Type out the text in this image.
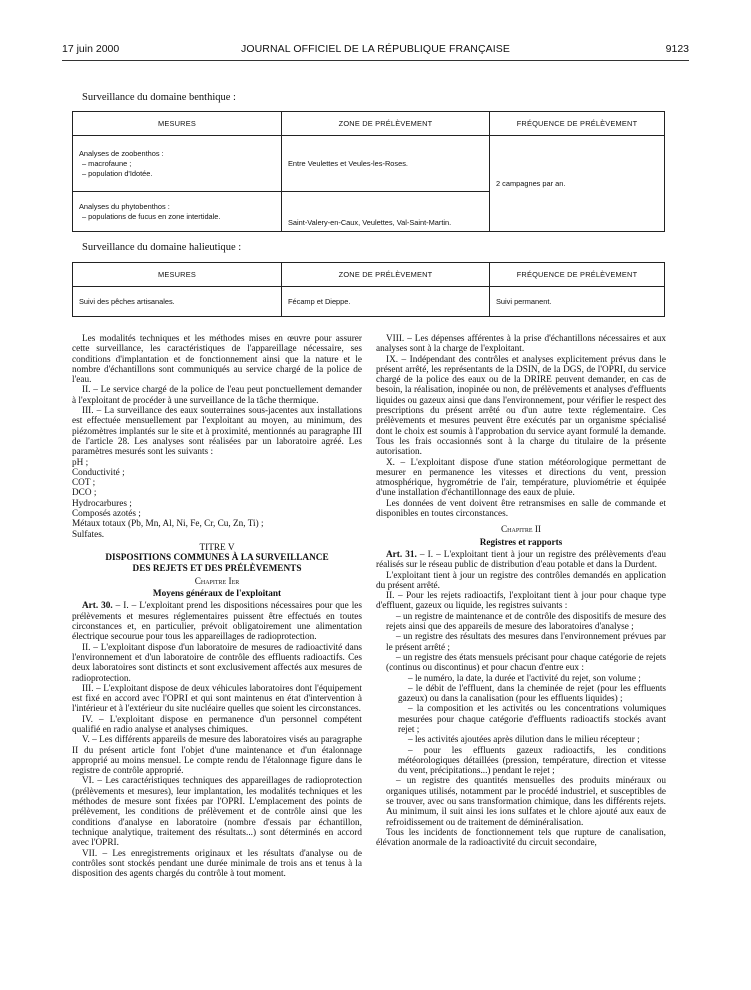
17 juin 2000	JOURNAL OFFICIEL DE LA RÉPUBLIQUE FRANÇAISE	9123
Surveillance du domaine benthique :
MESURES	ZONE DE PRÉLÈVEMENT	FRÉQUENCE DE PRÉLÈVEMENT

Analyses de zoobenthos :
– macrofaune ;
– population d'Idotée.	Entre Veulettes et Veules-les-Roses.	2 campagnes par an.

Analyses du phytobenthos :
– populations de fucus en zone intertidale.	Saint-Valery-en-Caux, Veulettes, Val-Saint-Martin.	
Surveillance du domaine halieutique :
MESURES	ZONE DE PRÉLÈVEMENT	FRÉQUENCE DE PRÉLÈVEMENT
Suivi des pêches artisanales.	Fécamp et Dieppe.	Suivi permanent.

Les modalités techniques et les méthodes mises en œuvre pour assurer cette surveillance, les caractéristiques de l'appareillage nécessaire, ses conditions d'implantation et de fonctionnement ainsi que la nature et le nombre d'échantillons sont communiqués au service chargé de la police de l'eau.

II. – Le service chargé de la police de l'eau peut ponctuellement demander à l'exploitant de procéder à une surveillance de la tâche thermique.

III. – La surveillance des eaux souterraines sous-jacentes aux installations est effectuée mensuellement par l'exploitant au moyen, au minimum, des piézomètres implantés sur le site et à proximité, mentionnés au paragraphe III de l'article 28. Les analyses sont réalisées par un laboratoire agréé. Les paramètres mesurés sont les suivants :

pH ;

Conductivité ;

COT ;

DCO ;

Hydrocarbures ;

Composés azotés ;

Métaux totaux (Pb, Mn, Al, Ni, Fe, Cr, Cu, Zn, Ti) ;

Sulfates.

TITRE V

DISPOSITIONS COMMUNES À LA SURVEILLANCE

DES REJETS ET DES PRÉLÈVEMENTS

Chapitre Ier

Moyens généraux de l'exploitant

Art. 30. – I. – L'exploitant prend les dispositions nécessaires pour que les prélèvements et mesures réglementaires puissent être effectués en toutes circonstances et, en particulier, prévoit obligatoirement une alimentation électrique secourue pour tous les appareillages de radioprotection.

II. – L'exploitant dispose d'un laboratoire de mesures de radioactivité dans l'environnement et d'un laboratoire de contrôle des effluents radioactifs. Ces deux laboratoires sont distincts et sont exclusivement affectés aux mesures de radioprotection.

III. – L'exploitant dispose de deux véhicules laboratoires dont l'équipement est fixé en accord avec l'OPRI et qui sont maintenus en état d'intervention à l'intérieur et à l'extérieur du site nucléaire quelles que soient les circonstances.

IV. – L'exploitant dispose en permanence d'un personnel compétent qualifié en radio analyse et analyses chimiques.

V. – Les différents appareils de mesure des laboratoires visés au paragraphe II du présent article font l'objet d'une maintenance et d'un étalonnage approprié au moins mensuel. Le compte rendu de l'étalonnage figure dans le registre de contrôle approprié.

VI. – Les caractéristiques techniques des appareillages de radioprotection (prélèvements et mesures), leur implantation, les modalités techniques et les méthodes de mesure sont fixées par l'OPRI. L'emplacement des points de prélèvement, les conditions de prélèvement et de contrôle ainsi que les conditions d'analyse en laboratoire (nombre d'essais par échantillon, technique analytique, traitement des résultats...) sont déterminés en accord avec l'OPRI.

VII. – Les enregistrements originaux et les résultats d'analyse ou de contrôles sont stockés pendant une durée minimale de trois ans et tenus à la disposition des agents chargés du contrôle à tout moment.

VIII. – Les dépenses afférentes à la prise d'échantillons nécessaires et aux analyses sont à la charge de l'exploitant.

IX. – Indépendant des contrôles et analyses explicitement prévus dans le présent arrêté, les représentants de la DSIN, de la DGS, de l'OPRI, du service chargé de la police des eaux ou de la DRIRE peuvent demander, en cas de besoin, la réalisation, inopinée ou non, de prélèvements et analyses d'effluents liquides ou gazeux ainsi que dans l'environnement, pour vérifier le respect des prescriptions du présent arrêté ou d'un autre texte réglementaire. Ces prélèvements et mesures peuvent être exécutés par un organisme spécialisé dont le choix est soumis à l'approbation du service ayant formulé la demande. Tous les frais occasionnés sont à la charge du titulaire de la présente autorisation.

X. – L'exploitant dispose d'une station météorologique permettant de mesurer en permanence les vitesses et directions du vent, pression atmosphérique, hygrométrie de l'air, température, pluviométrie et équipée d'une installation d'échantillonnage des eaux de pluie.

Les données de vent doivent être retransmises en salle de commande et disponibles en toutes circonstances.

Chapitre II

Registres et rapports

Art. 31. – I. – L'exploitant tient à jour un registre des prélèvements d'eau réalisés sur le réseau public de distribution d'eau potable et dans la Durdent.

L'exploitant tient à jour un registre des contrôles demandés en application du présent arrêté.

II. – Pour les rejets radioactifs, l'exploitant tient à jour pour chaque type d'effluent, gazeux ou liquide, les registres suivants :

– un registre de maintenance et de contrôle des dispositifs de mesure des rejets ainsi que des appareils de mesure des laboratoires d'analyse ;

– un registre des résultats des mesures dans l'environnement prévues par le présent arrêté ;

– un registre des états mensuels précisant pour chaque catégorie de rejets (continus ou discontinus) et pour chacun d'entre eux :

– le numéro, la date, la durée et l'activité du rejet, son volume ;

– le débit de l'effluent, dans la cheminée de rejet (pour les effluents gazeux) ou dans la canalisation (pour les effluents liquides) ;

– la composition et les activités ou les concentrations volumiques mesurées pour chaque catégorie d'effluents radioactifs stockés avant rejet ;

– les activités ajoutées après dilution dans le milieu récepteur ;

– pour les effluents gazeux radioactifs, les conditions météorologiques détaillées (pression, température, direction et vitesse du vent, précipitations...) pendant le rejet ;

– un registre des quantités mensuelles des produits minéraux ou organiques utilisés, notamment par le procédé industriel, et susceptibles de se trouver, avec ou sans transformation chimique, dans les différents rejets. Au minimum, il suit ainsi les ions sulfates et le chlore ajouté aux eaux de refroidissement ou de traitement de déminéralisation.

Tous les incidents de fonctionnement tels que rupture de canalisation, élévation anormale de la radioactivité du circuit secondaire,
